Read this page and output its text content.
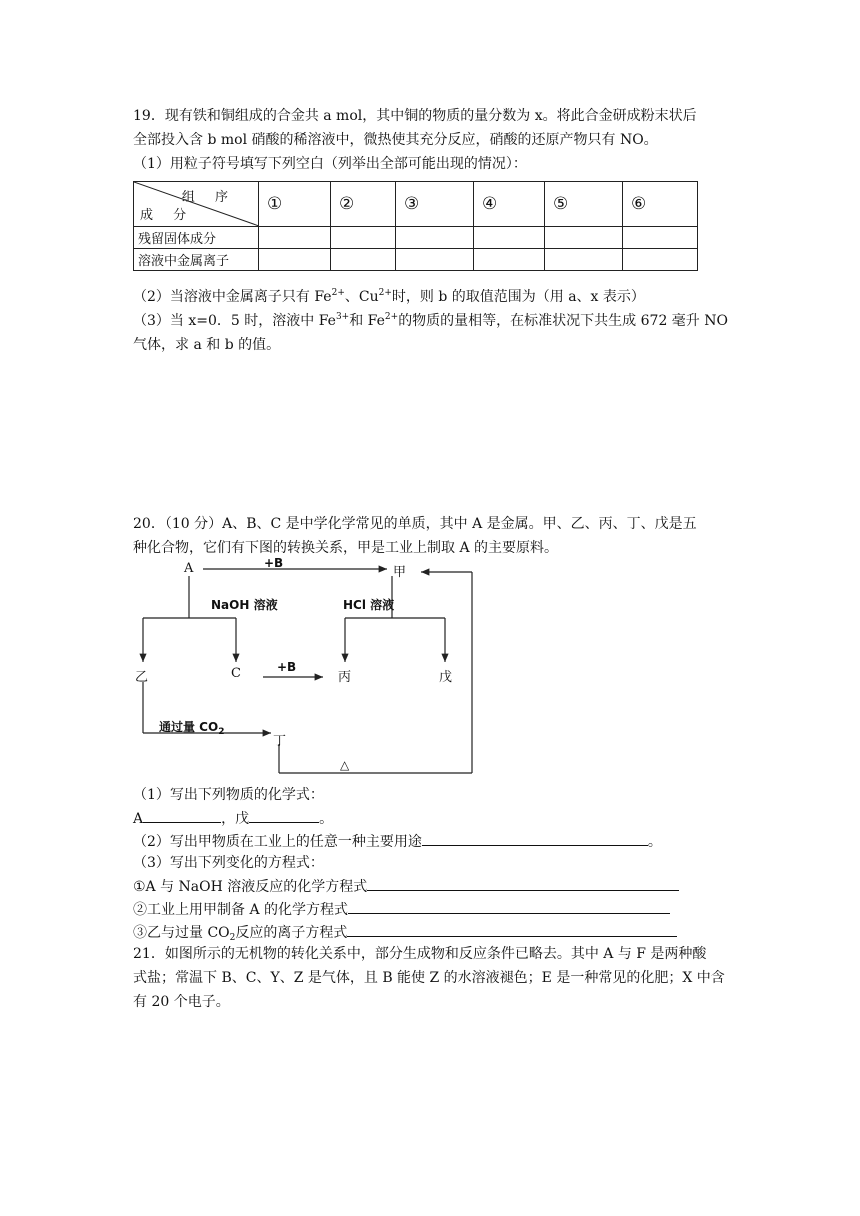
19．现有铁和铜组成的合金共 a mol，其中铜的物质的量分数为 x。将此合金研成粉末状后
全部投入含 b mol 硝酸的稀溶液中，微热使其充分反应，硝酸的还原产物只有 NO。
（1）用粒子符号填写下列空白（列举出全部可能出现的情况）：
组 序
成 分	①	②	③	④	⑤	⑥
残留固体成分						
溶液中金属离子						
（2）当溶液中金属离子只有 $Fe^{2+}$、$Cu^{2+}$时，则 b 的取值范围为（用 a、x 表示）
（3）当 x=0．5 时，溶液中 $Fe^{3+}$和 $Fe^{2+}$的物质的量相等，在标准状况下共生成 672 毫升 NO
气体，求 a 和 b 的值。
20．（10 分）A、B、C 是中学化学常见的单质，其中 A 是金属。甲、乙、丙、丁、戊是五
种化合物，它们有下图的转换关系，甲是工业上制取 A 的主要原料。
A	+B
甲
NaOH 溶液	HCl 溶液
乙	C	+B
丙	戊
通过量 $CO_2$
丁
△
（1）写出下列物质的化学式：
A	，戊	。
（2）写出甲物质在工业上的任意一种主要用途	。
（3）写出下列变化的方程式：
①A 与 NaOH 溶液反应的化学方程式
②工业上用甲制备 A 的化学方程式
③乙与过量 $CO_2$反应的离子方程式
21．如图所示的无机物的转化关系中，部分生成物和反应条件已略去。其中 A 与 F 是两种酸
式盐；常温下 B、C、Y、Z 是气体，且 B 能使 Z 的水溶液褪色；E 是一种常见的化肥；X 中含
有 20 个电子。
